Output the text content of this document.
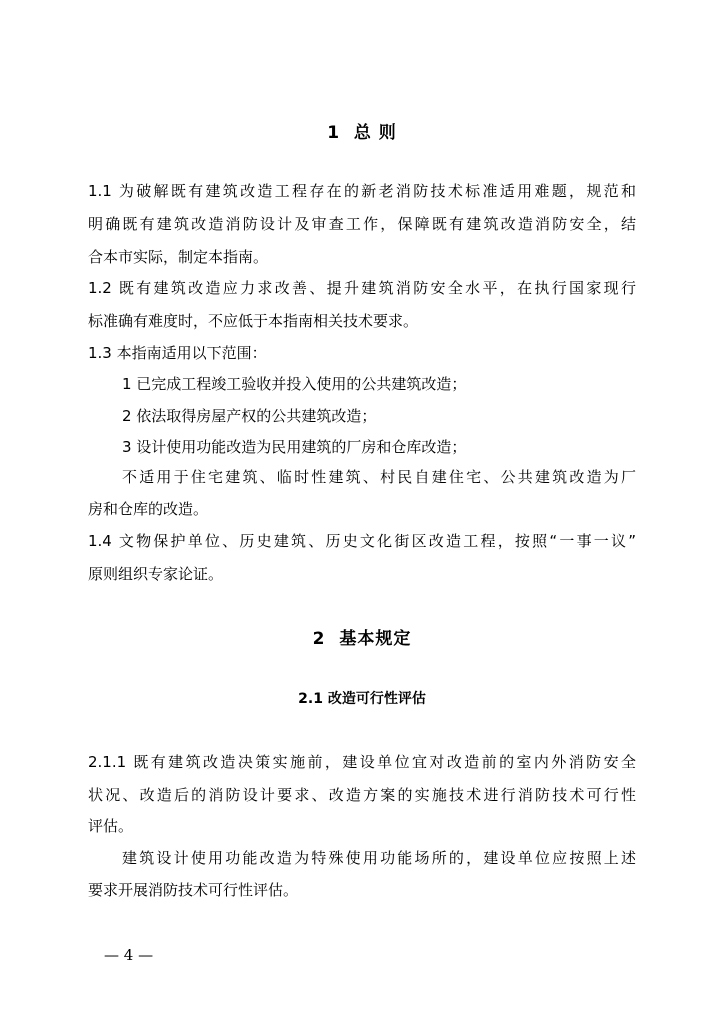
1  总 则
1.1 为破解既有建筑改造工程存在的新老消防技术标准适用难题，规范和
明确既有建筑改造消防设计及审查工作，保障既有建筑改造消防安全，结
合本市实际，制定本指南。
1.2 既有建筑改造应力求改善、提升建筑消防安全水平，在执行国家现行
标准确有难度时，不应低于本指南相关技术要求。
1.3 本指南适用以下范围：
1 已完成工程竣工验收并投入使用的公共建筑改造；
2 依法取得房屋产权的公共建筑改造；
3 设计使用功能改造为民用建筑的厂房和仓库改造；
不适用于住宅建筑、临时性建筑、村民自建住宅、公共建筑改造为厂
房和仓库的改造。
1.4 文物保护单位、历史建筑、历史文化街区改造工程，按照“一事一议”
原则组织专家论证。
2  基本规定
2.1 改造可行性评估
2.1.1 既有建筑改造决策实施前，建设单位宜对改造前的室内外消防安全
状况、改造后的消防设计要求、改造方案的实施技术进行消防技术可行性
评估。
建筑设计使用功能改造为特殊使用功能场所的，建设单位应按照上述
要求开展消防技术可行性评估。
— 4 —
